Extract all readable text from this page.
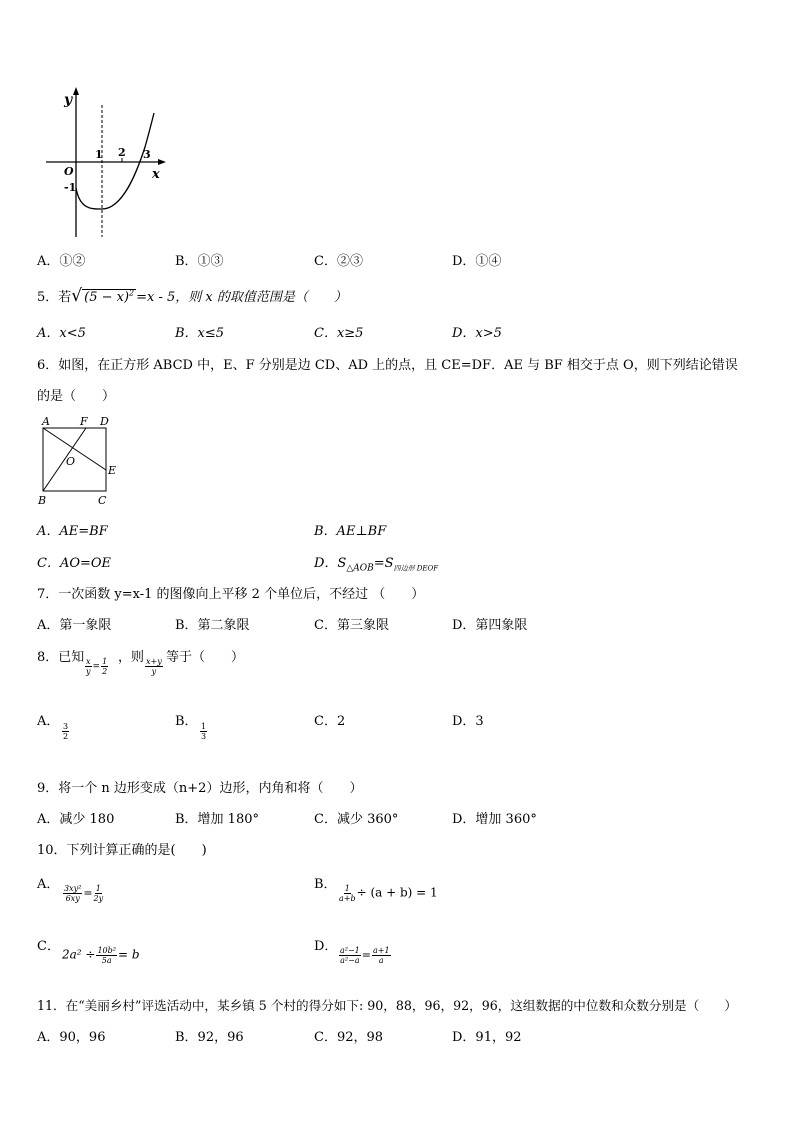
y
x
O
1 2 3
-1
A．①②	B．①③	C．②③	D．①④
5．若√ $(5 - x)^2 =x - 5$，则 x 的取值范围是（　　）
A．x<5	B．x≤5	C．x≥5	D．x>5
6．如图，在正方形 ABCD 中，E、F 分别是边 CD、AD 上的点，且 CE=DF．AE 与 BF 相交于点 O，则下列结论错误
的是（　　）
A	F D
O
E
B	C
A．AE=BF	B．AE⊥BF
C．AO=OE	D．$S_{\triangle AOB}=S_{四边形 DEOF}$
7．一次函数 y=x-1 的图像向上平移 2 个单位后，不经过 （　　）
A．第一象限	B．第二象限	C．第三象限	D．第四象限
8．已知 $\frac{x}{y} = \frac{1}{2}$ ，则 $\frac{x+y}{y}$ 等于（　　）
A．
$\frac{3}{2}$
B．
$\frac{1}{3}$
C．2	D．3
9．将一个 n 边形变成（n+2）边形，内角和将（　　）
A．减少 180	B．增加 180°	C．减少 360°	D．增加 360°
10．下列计算正确的是(　　)
A． $\frac{\text{3xy²}}{6xy} = \frac{1}{2y}$	B． $\frac{1}{a+b} \div (a + b) = 1$
C．
$2a^2 \div \frac{\text{10b²}}{5a} = b$
D． $\frac{\text{a²−1}}{\text{a²−a}} = \frac{a+1}{a}$
11．在“美丽乡村”评选活动中，某乡镇 5 个村的得分如下: 90，88，96，92，96，这组数据的中位数和众数分别是（　　）
A．90，96	B．92，96	C．92，98	D．91，92
